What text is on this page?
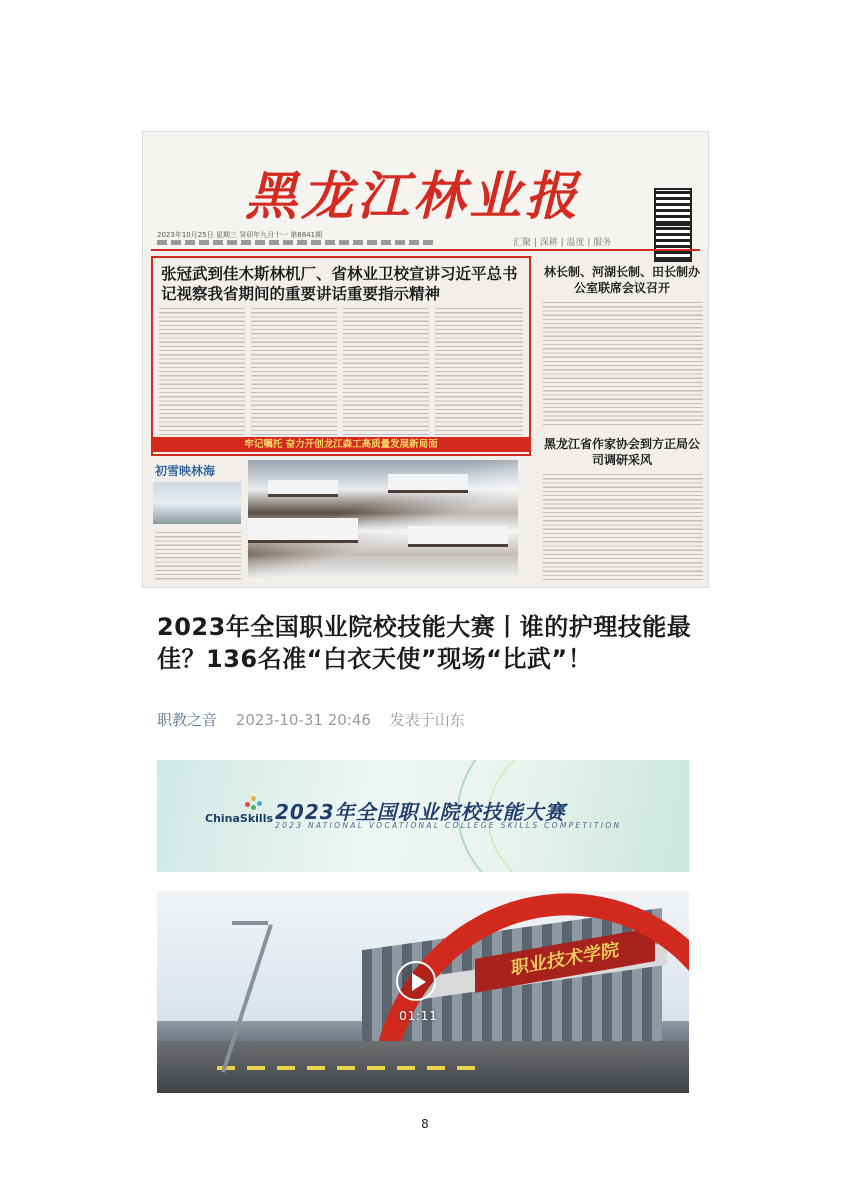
黑龙江林业报
2023年10月25日 星期三 癸卯年九月十一 第6841期
汇聚 | 深耕 | 温度 | 服务
张冠武到佳木斯林机厂、省林业卫校宣讲习近平总书记视察我省期间的重要讲话重要指示精神
林长制、河湖长制、田长制办公室联席会议召开
黑龙江省作家协会到方正局公司调研采风
牢记嘱托 奋力开创龙江森工高质量发展新局面
初雪映林海
2023年全国职业院校技能大赛丨谁的护理技能最佳？136名准“白衣天使”现场“比武”！
职教之音 2023-10-31 20:46 发表于山东
ChinaSkills 2023年全国职业院校技能大赛
2023 NATIONAL VOCATIONAL COLLEGE SKILLS COMPETITION
职业技术学院
01:11
8
